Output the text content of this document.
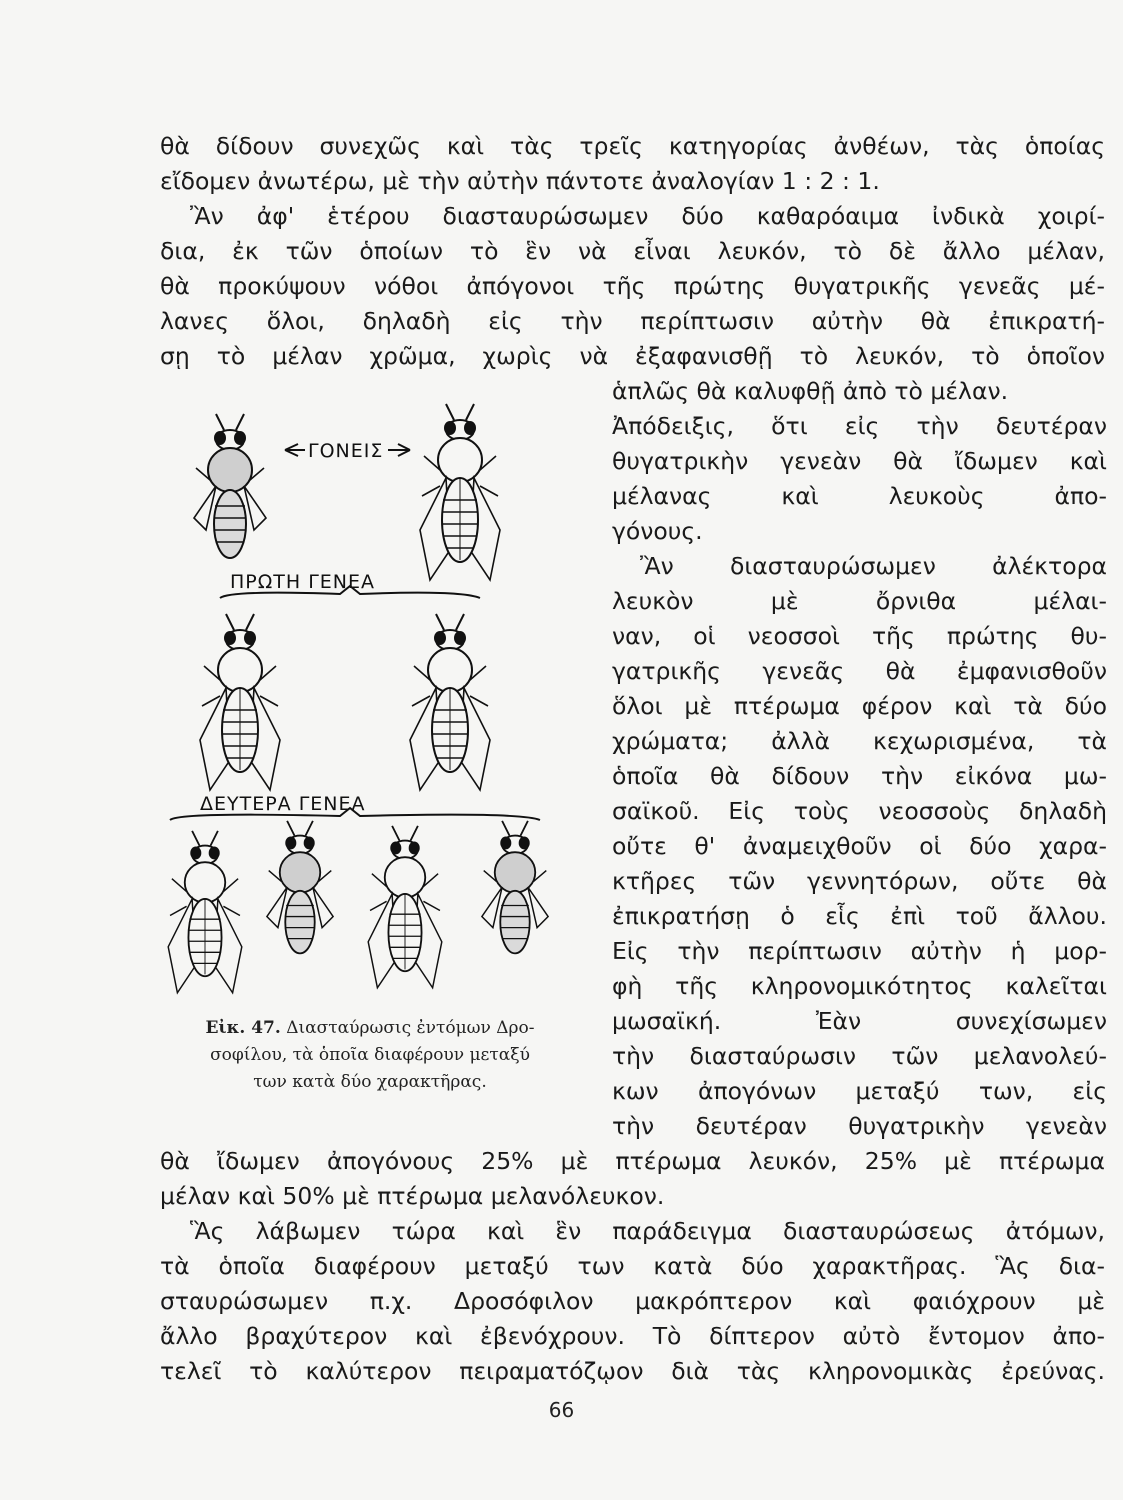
θὰ δίδουν συνεχῶς καὶ τὰς τρεῖς κατηγορίας ἀνθέων, τὰς ὁποίας
εἴδομεν ἀνωτέρω, μὲ τὴν αὐτὴν πάντοτε ἀναλογίαν 1 : 2 : 1.
Ἂν ἀφ' ἑτέρου διασταυρώσωμεν δύο καθαρόαιμα ἰνδικὰ χοιρί-
δια, ἐκ τῶν ὁποίων τὸ ἓν νὰ εἶναι λευκόν, τὸ δὲ ἄλλο μέλαν,
θὰ προκύψουν νόθοι ἀπόγονοι τῆς πρώτης θυγατρικῆς γενεᾶς μέ-
λανες ὅλοι, δηλαδὴ εἰς τὴν περίπτωσιν αὐτὴν θὰ ἐπικρατή-
σῃ τὸ μέλαν χρῶμα, χωρὶς νὰ ἐξαφανισθῇ τὸ λευκόν, τὸ ὁποῖον
ἁπλῶς θὰ καλυφθῇ ἀπὸ τὸ μέλαν.
Ἀπόδειξις, ὅτι εἰς τὴν δευτέραν
θυγατρικὴν γενεὰν θὰ ἴδωμεν καὶ
μέλανας καὶ λευκοὺς ἀπο-
γόνους.
Ἂν διασταυρώσωμεν ἀλέκτορα
λευκὸν μὲ ὄρνιθα μέλαι-
ναν, οἱ νεοσσοὶ τῆς πρώτης θυ-
γατρικῆς γενεᾶς θὰ ἐμφανισθοῦν
ὅλοι μὲ πτέρωμα φέρον καὶ τὰ δύο
χρώματα; ἀλλὰ κεχωρισμένα, τὰ
ὁποῖα θὰ δίδουν τὴν εἰκόνα μω-
σαϊκοῦ. Εἰς τοὺς νεοσσοὺς δηλαδὴ
οὔτε θ' ἀναμειχθοῦν οἱ δύο χαρα-
κτῆρες τῶν γεννητόρων, οὔτε θὰ
ἐπικρατήσῃ ὁ εἷς ἐπὶ τοῦ ἄλλου.
Εἰς τὴν περίπτωσιν αὐτὴν ἡ μορ-
φὴ τῆς κληρονομικότητος καλεῖται
μωσαϊκή. Ἐὰν συνεχίσωμεν
τὴν διασταύρωσιν τῶν μελανολεύ-
κων ἀπογόνων μεταξύ των, εἰς
τὴν δευτέραν θυγατρικὴν γενεὰν
θὰ ἴδωμεν ἀπογόνους 25% μὲ πτέρωμα λευκόν, 25% μὲ πτέρωμα
μέλαν καὶ 50% μὲ πτέρωμα μελανόλευκον.
Ἃς λάβωμεν τώρα καὶ ἓν παράδειγμα διασταυρώσεως ἀτόμων,
τὰ ὁποῖα διαφέρουν μεταξύ των κατὰ δύο χαρακτῆρας. Ἃς δια-
σταυρώσωμεν π.χ. Δροσόφιλον μακρόπτερον καὶ φαιόχρουν μὲ
ἄλλο βραχύτερον καὶ ἐβενόχρουν. Τὸ δίπτερον αὐτὸ ἔντομον ἀπο-
τελεῖ τὸ καλύτερον πειραματόζῳον διὰ τὰς κληρονομικὰς ἐρεύνας.
ΓΟΝΕΙΣ
ΠΡΩΤΗ ΓΕΝΕΑ
ΔΕΥΤΕΡΑ ΓΕΝΕΑ
Εἰκ. 47. Διασταύρωσις ἐντόμων Δρο-
σοφίλου, τὰ ὁποῖα διαφέρουν μεταξύ
των κατὰ δύο χαρακτῆρας.
66
